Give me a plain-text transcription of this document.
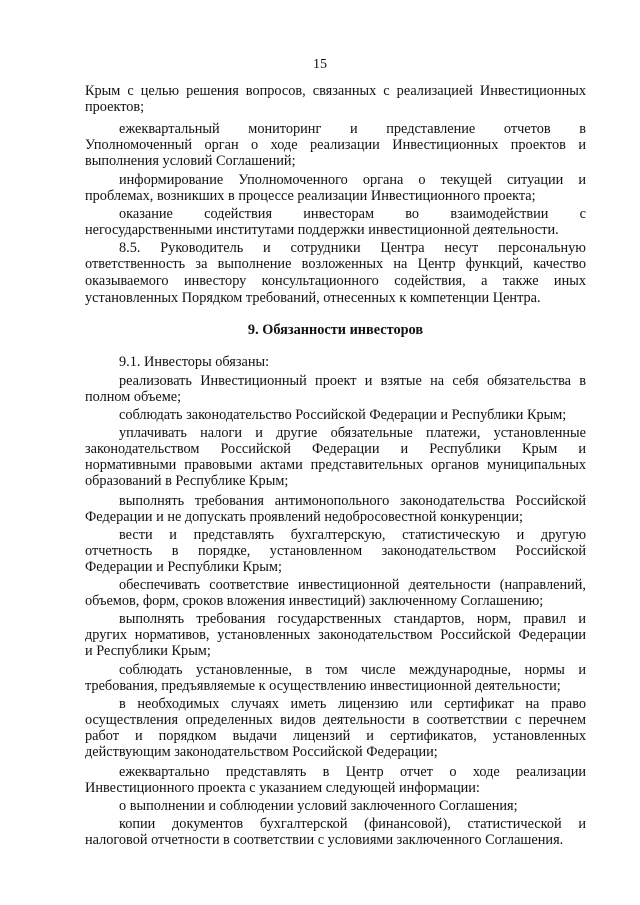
15
Крым с целью решения вопросов, связанных с реализацией Инвестиционных
проектов;
ежеквартальный мониторинг и представление отчетов в
Уполномоченный орган о ходе реализации Инвестиционных проектов и
выполнения условий Соглашений;
информирование Уполномоченного органа о текущей ситуации и
проблемах, возникших в процессе реализации Инвестиционного проекта;
оказание содействия инвесторам во взаимодействии с
негосударственными институтами поддержки инвестиционной деятельности.
8.5. Руководитель и сотрудники Центра несут персональную
ответственность за выполнение возложенных на Центр функций, качество
оказываемого инвестору консультационного содействия, а также иных
установленных Порядком требований, отнесенных к компетенции Центра.
9. Обязанности инвесторов
9.1. Инвесторы обязаны:
реализовать Инвестиционный проект и взятые на себя обязательства в
полном объеме;
соблюдать законодательство Российской Федерации и Республики Крым;
уплачивать налоги и другие обязательные платежи, установленные
законодательством Российской Федерации и Республики Крым и
нормативными правовыми актами представительных органов муниципальных
образований в Республике Крым;
выполнять требования антимонопольного законодательства Российской
Федерации и не допускать проявлений недобросовестной конкуренции;
вести и представлять бухгалтерскую, статистическую и другую
отчетность в порядке, установленном законодательством Российской
Федерации и Республики Крым;
обеспечивать соответствие инвестиционной деятельности (направлений,
объемов, форм, сроков вложения инвестиций) заключенному Соглашению;
выполнять требования государственных стандартов, норм, правил и
других нормативов, установленных законодательством Российской Федерации
и Республики Крым;
соблюдать установленные, в том числе международные, нормы и
требования, предъявляемые к осуществлению инвестиционной деятельности;
в необходимых случаях иметь лицензию или сертификат на право
осуществления определенных видов деятельности в соответствии с перечнем
работ и порядком выдачи лицензий и сертификатов, установленных
действующим законодательством Российской Федерации;
ежеквартально представлять в Центр отчет о ходе реализации
Инвестиционного проекта с указанием следующей информации:
о выполнении и соблюдении условий заключенного Соглашения;
копии документов бухгалтерской (финансовой), статистической и
налоговой отчетности в соответствии с условиями заключенного Соглашения.
